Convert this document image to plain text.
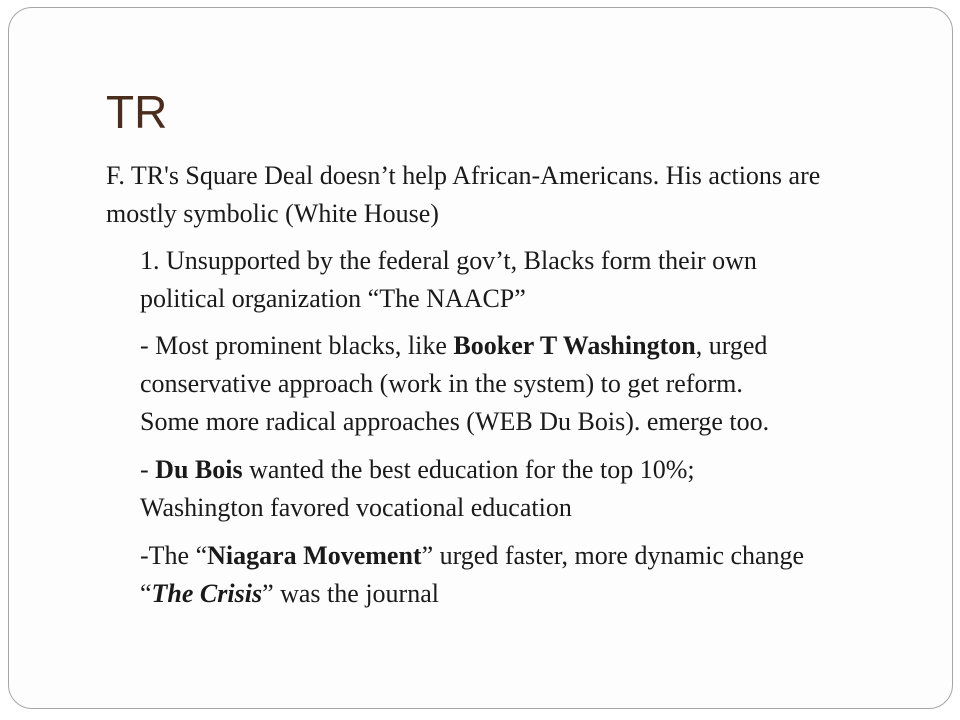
TR

F. TR's Square Deal doesn’t help African-Americans. His actions are
mostly symbolic (White House)

1. Unsupported by the federal gov’t, Blacks form their own
political organization “The NAACP”

- Most prominent blacks, like Booker T Washington, urged
conservative approach (work in the system) to get reform.
Some more radical approaches (WEB Du Bois). emerge too.

- Du Bois wanted the best education for the top 10%;
Washington favored vocational education

-The “Niagara Movement” urged faster, more dynamic change
“The Crisis” was the journal
